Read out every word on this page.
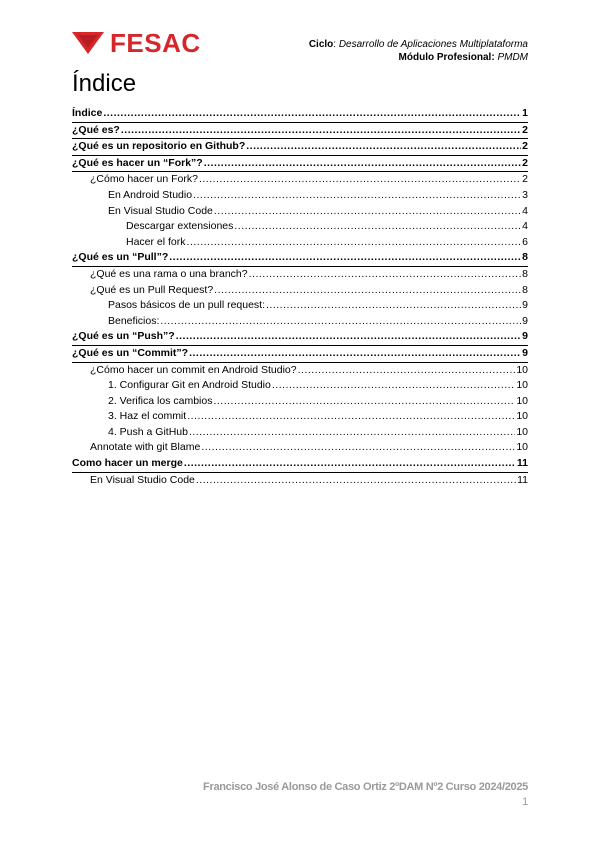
FESAC	Ciclo: Desarrollo de Aplicaciones Multiplataforma
Módulo Profesional: PMDM
Índice
Índice .....	1
¿Qué es? .....	2
¿Qué es un repositorio en Github? .....	2
¿Qué es hacer un “Fork”? .....	2
¿Cómo hacer un Fork? .....	2
En Android Studio .....	3
En Visual Studio Code .....	4
Descargar extensiones .....	4
Hacer el fork .....	6
¿Qué es un “Pull”? .....	8
¿Qué es una rama o una branch? .....	8
¿Qué es un Pull Request? .....	8
Pasos básicos de un pull request: .....	9
Beneficios: .....	9
¿Qué es un “Push”? .....	9
¿Qué es un “Commit”? .....	9
¿Cómo hacer un commit en Android Studio? .....	10
1. Configurar Git en Android Studio .....	10
2. Verifica los cambios .....	10
3. Haz el commit .....	10
4. Push a GitHub .....	10
Annotate with git Blame .....	10
Como hacer un merge .....	11
En Visual Studio Code .....	11
Francisco José Alonso de Caso Ortiz 2ºDAM Nº2 Curso 2024/2025
1
